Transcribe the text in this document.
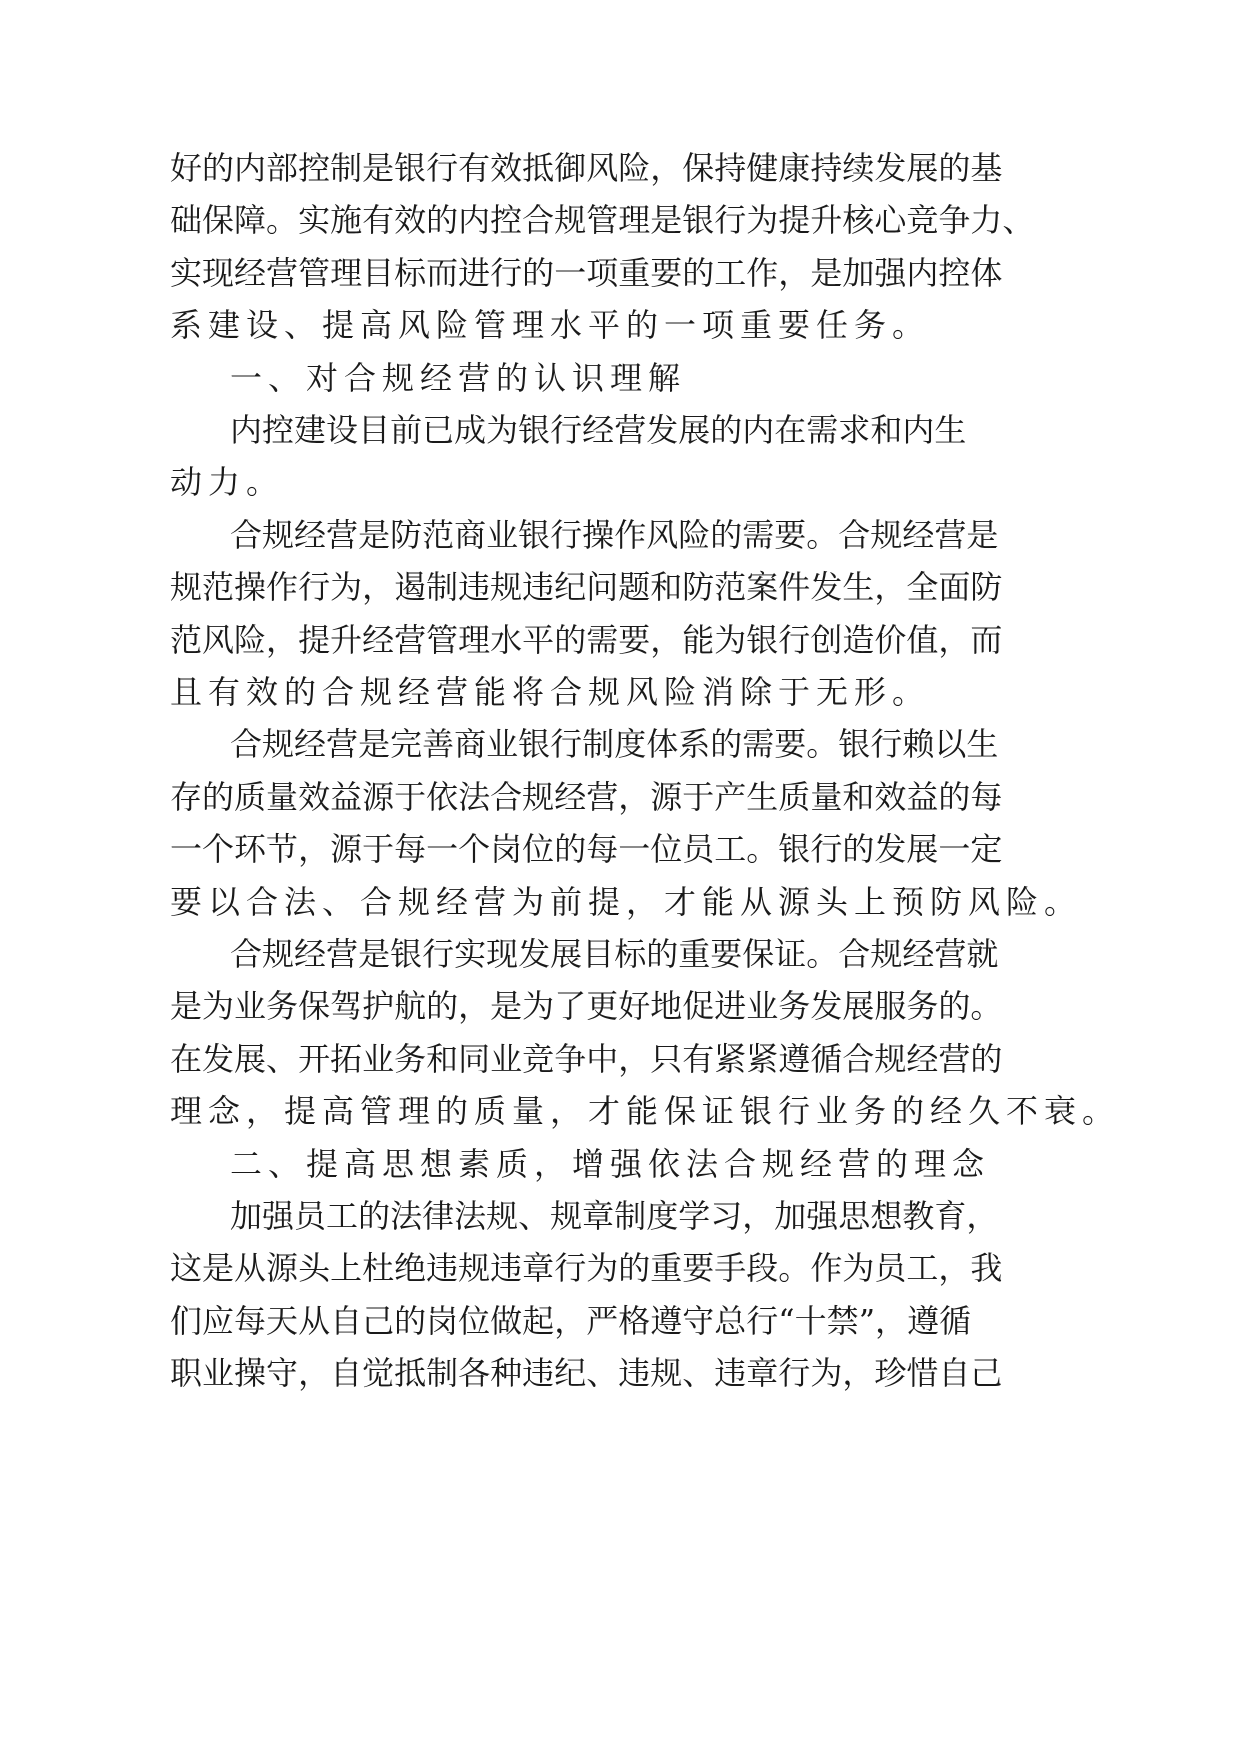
好 的 内 部 控 制 是 银 行 有 效 抵 御 风 险 ， 保 持 健 康 持 续 发 展 的 基
础 保 障 。 实 施 有 效 的 内 控 合 规 管 理 是 银 行 为 提 升 核 心 竞 争 力 、
实 现 经 营 管 理 目 标 而 进 行 的 一 项 重 要 的 工 作 ， 是 加 强 内 控 体
系建设、提高风险管理水平的一项重要任务。
一、对合规经营的认识理解
内 控 建 设 目 前 已 成 为 银 行 经 营 发 展 的 内 在 需 求 和 内 生
动力。
合 规 经 营 是 防 范 商 业 银 行 操 作 风 险 的 需 要 。 合 规 经 营 是
规 范 操 作 行 为 ， 遏 制 违 规 违 纪 问 题 和 防 范 案 件 发 生 ， 全 面 防
范 风 险 ， 提 升 经 营 管 理 水 平 的 需 要 ， 能 为 银 行 创 造 价 值 ， 而
且有效的合规经营能将合规风险消除于无形。
合 规 经 营 是 完 善 商 业 银 行 制 度 体 系 的 需 要 。 银 行 赖 以 生
存 的 质 量 效 益 源 于 依 法 合 规 经 营 ， 源 于 产 生 质 量 和 效 益 的 每
一 个 环 节 ， 源 于 每 一 个 岗 位 的 每 一 位 员 工 。 银 行 的 发 展 一 定
要以合法、合规经营为前提，才能从源头上预防风险。
合 规 经 营 是 银 行 实 现 发 展 目 标 的 重 要 保 证 。 合 规 经 营 就
是 为 业 务 保 驾 护 航 的 ， 是 为 了 更 好 地 促 进 业 务 发 展 服 务 的 。
在 发 展 、 开 拓 业 务 和 同 业 竞 争 中 ， 只 有 紧 紧 遵 循 合 规 经 营 的
理念，提高管理的质量，才能保证银行业务的经久不衰。
二、提高思想素质，增强依法合规经营的理念
加 强 员 工 的 法 律 法 规 、 规 章 制 度 学 习 ， 加 强 思 想 教 育 ，
这 是 从 源 头 上 杜 绝 违 规 违 章 行 为 的 重 要 手 段 。 作 为 员 工 ， 我
们 应 每 天 从 自 己 的 岗 位 做 起 ， 严 格 遵 守 总 行 “ 十 禁 ” ， 遵 循
职 业 操 守 ， 自 觉 抵 制 各 种 违 纪 、 违 规 、 违 章 行 为 ， 珍 惜 自 己
